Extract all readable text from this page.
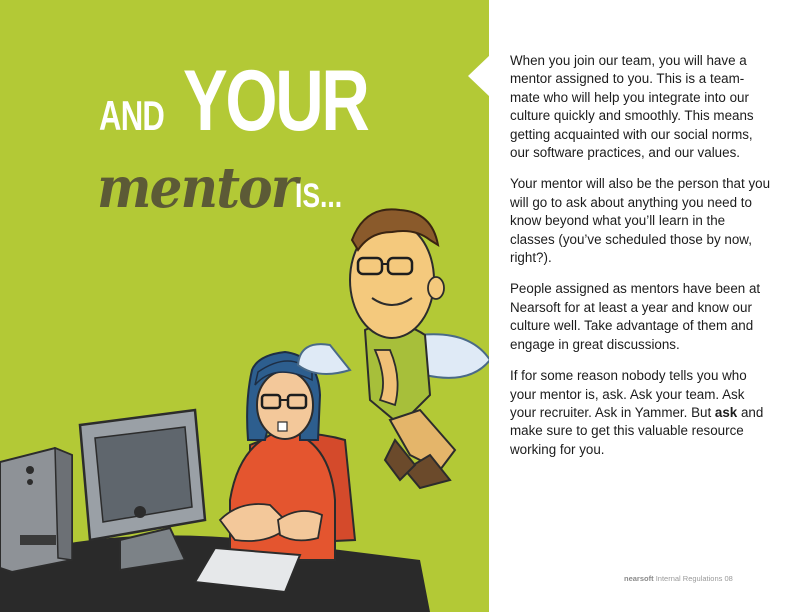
AND YOUR
mentorIS...

When you join our team, you will have a mentor assigned to you. This is a team-mate who will help you integrate into our culture quickly and smoothly. This means getting acquainted with our social norms, our software practices, and our values.

Your mentor will also be the person that you will go to ask about anything you need to know beyond what you’ll learn in the classes (you’ve scheduled those by now, right?).

People assigned as mentors have been at Nearsoft for at least a year and know our culture well. Take advantage of them and engage in great discussions.

If for some reason nobody tells you who your mentor is, ask. Ask your team. Ask your recruiter. Ask in Yammer. But ask and make sure to get this valuable resource working for you.

nearsoft Internal Regulations 08
